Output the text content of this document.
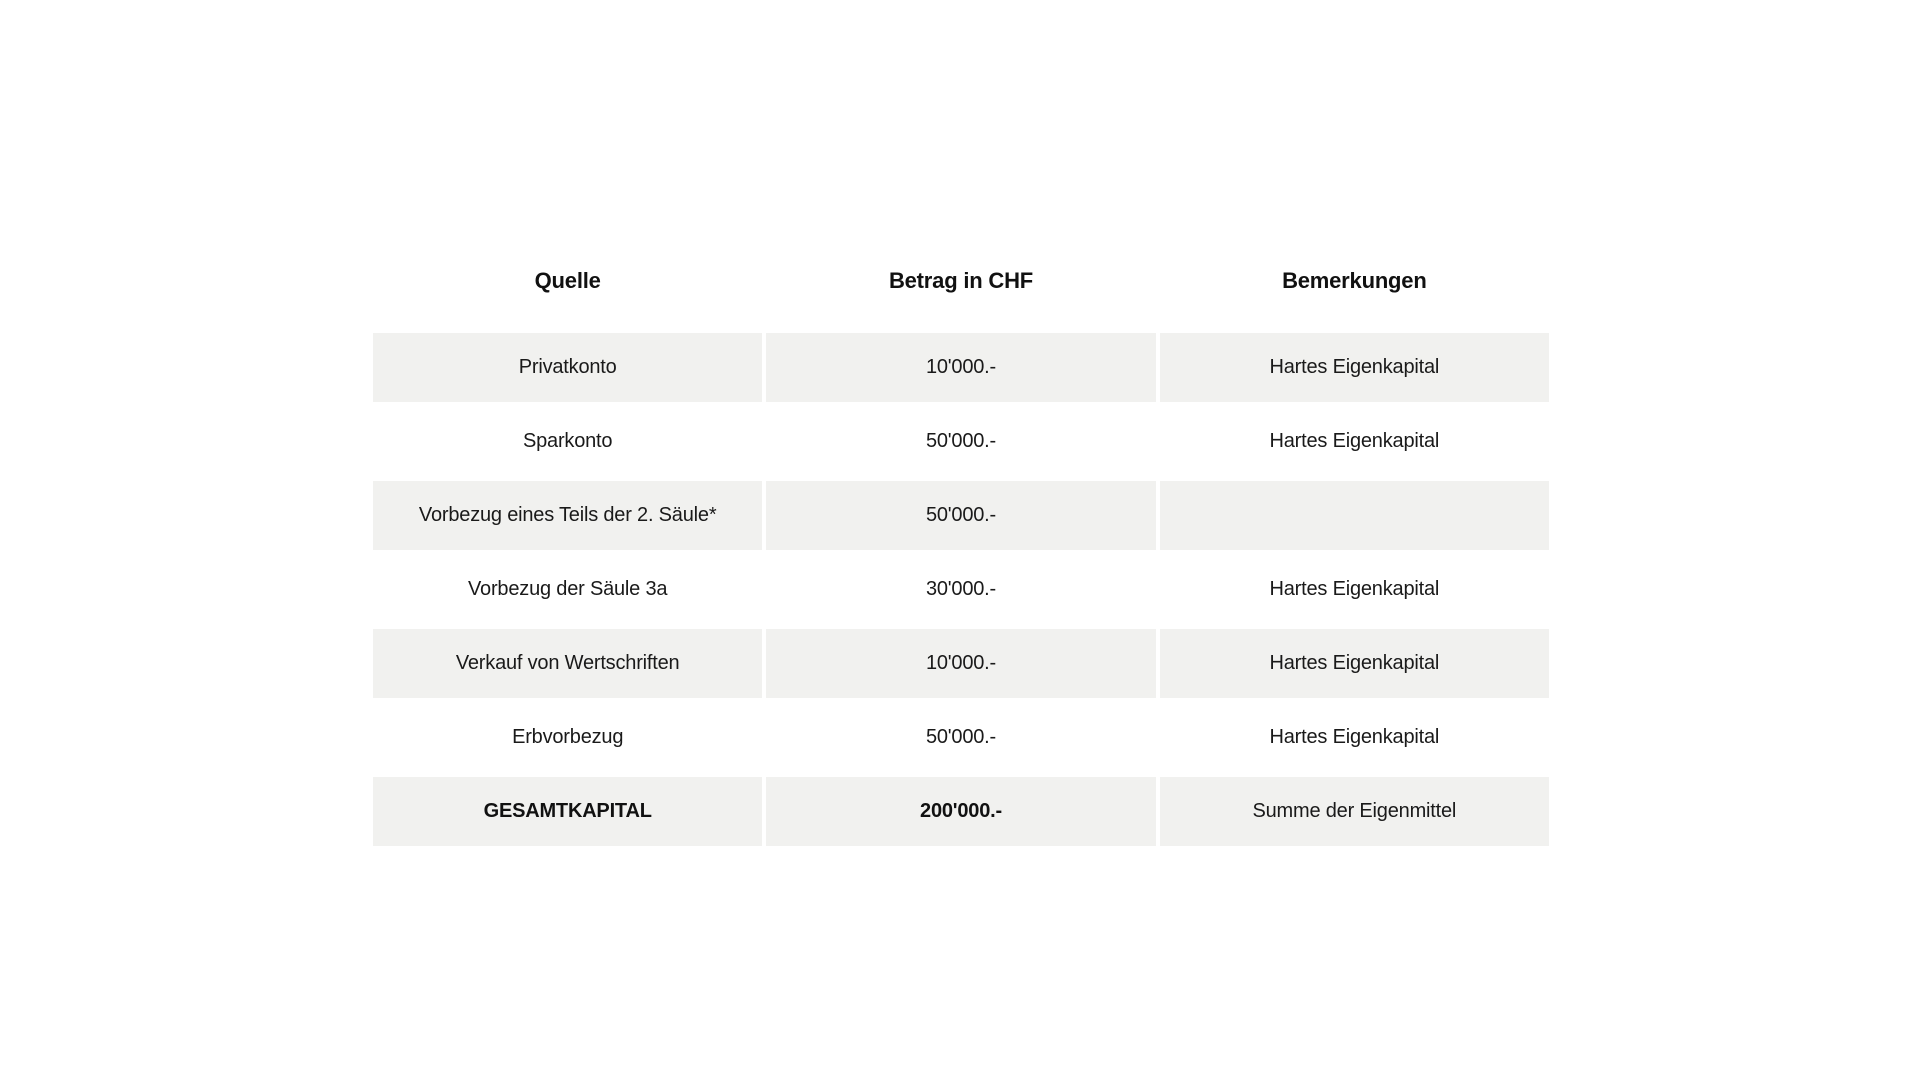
Quelle	Betrag in CHF	Bemerkungen
Privatkonto	10'000.-	Hartes Eigenkapital
Sparkonto	50'000.-	Hartes Eigenkapital
Vorbezug eines Teils der 2. Säule*	50'000.-
Vorbezug der Säule 3a	30'000.-	Hartes Eigenkapital
Verkauf von Wertschriften	10'000.-	Hartes Eigenkapital
Erbvorbezug	50'000.-	Hartes Eigenkapital
GESAMTKAPITAL	200'000.-	Summe der Eigenmittel
